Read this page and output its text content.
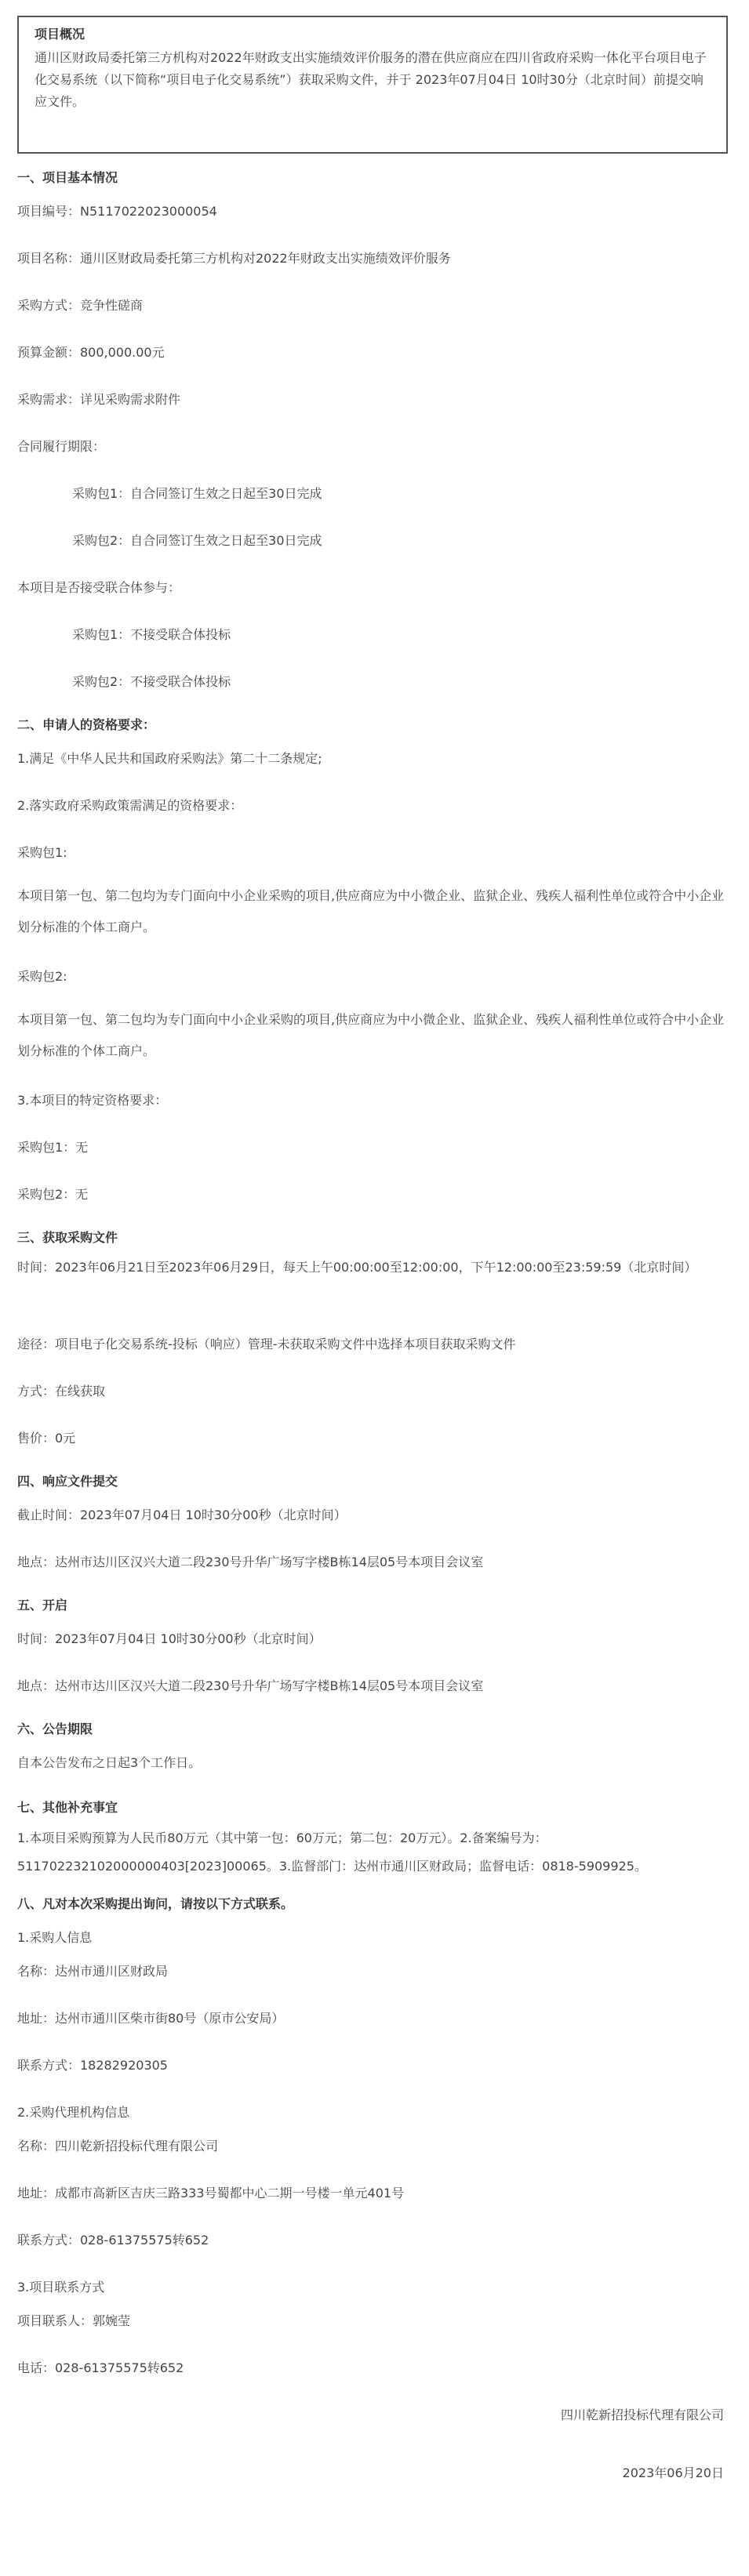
项目概况
通川区财政局委托第三方机构对2022年财政支出实施绩效评价服务的潜在供应商应在四川省政府采购一体化平台项目电子化交易系统（以下简称“项目电子化交易系统”）获取采购文件，并于 2023年07月04日 10时30分（北京时间）前提交响应文件。
一、项目基本情况
项目编号：N5117022023000054
项目名称：通川区财政局委托第三方机构对2022年财政支出实施绩效评价服务
采购方式：竞争性磋商
预算金额：800,000.00元
采购需求：详见采购需求附件
合同履行期限：
采购包1：自合同签订生效之日起至30日完成
采购包2：自合同签订生效之日起至30日完成
本项目是否接受联合体参与：
采购包1：不接受联合体投标
采购包2：不接受联合体投标
二、申请人的资格要求：
1.满足《中华人民共和国政府采购法》第二十二条规定;
2.落实政府采购政策需满足的资格要求：
采购包1:
本项目第一包、第二包均为专门面向中小企业采购的项目,供应商应为中小微企业、监狱企业、残疾人福利性单位或符合中小企业划分标准的个体工商户。
采购包2:
本项目第一包、第二包均为专门面向中小企业采购的项目,供应商应为中小微企业、监狱企业、残疾人福利性单位或符合中小企业划分标准的个体工商户。
3.本项目的特定资格要求：
采购包1：无
采购包2：无
三、获取采购文件
时间：2023年06月21日至2023年06月29日，每天上午00:00:00至12:00:00，下午12:00:00至23:59:59（北京时间）
途径：项目电子化交易系统-投标（响应）管理-未获取采购文件中选择本项目获取采购文件
方式：在线获取
售价：0元
四、响应文件提交
截止时间：2023年07月04日 10时30分00秒（北京时间）
地点：达州市达川区汉兴大道二段230号升华广场写字楼B栋14层05号本项目会议室
五、开启
时间：2023年07月04日 10时30分00秒（北京时间）
地点：达州市达川区汉兴大道二段230号升华广场写字楼B栋14层05号本项目会议室
六、公告期限
自本公告发布之日起3个工作日。
七、其他补充事宜
1.本项目采购预算为人民币80万元（其中第一包：60万元；第二包：20万元）。2.备案编号为：511702232102000000403[2023]00065。3.监督部门：达州市通川区财政局；监督电话：0818-5909925。
八、凡对本次采购提出询问，请按以下方式联系。
1.采购人信息
名称：达州市通川区财政局
地址：达州市通川区柴市街80号（原市公安局）
联系方式：18282920305
2.采购代理机构信息
名称：四川乾新招投标代理有限公司
地址：成都市高新区吉庆三路333号蜀都中心二期一号楼一单元401号
联系方式：028-61375575转652
3.项目联系方式
项目联系人：郭婉莹
电话：028-61375575转652
四川乾新招投标代理有限公司
2023年06月20日
